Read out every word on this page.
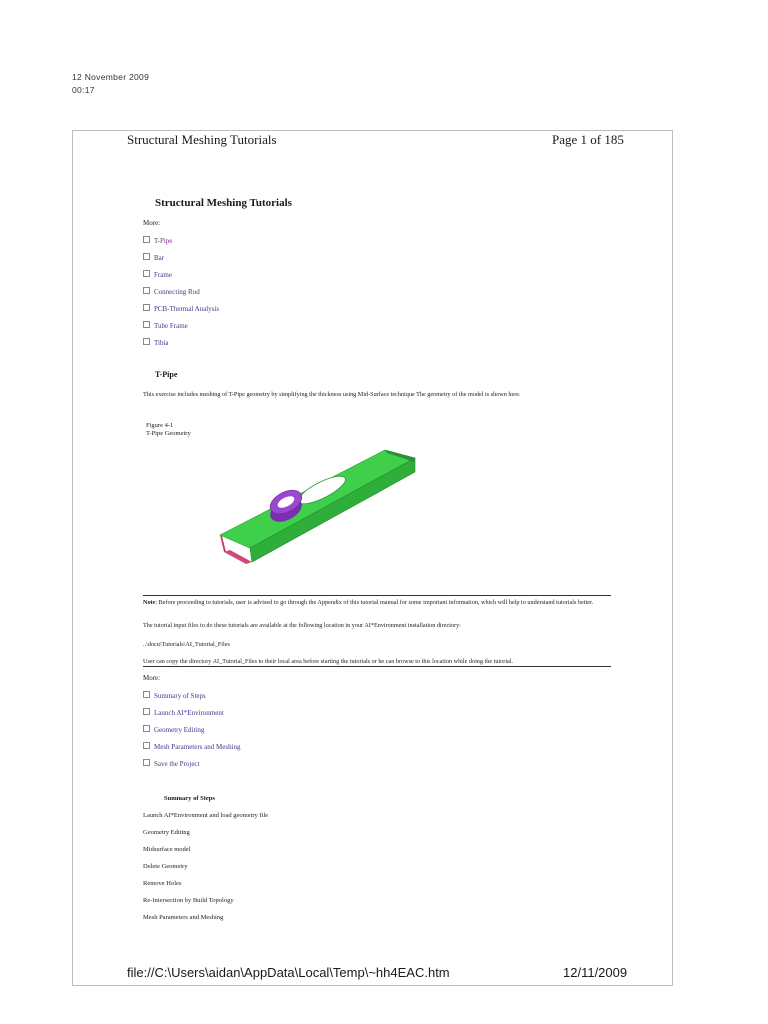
12 November 2009
00:17
Structural Meshing Tutorials	Page 1 of 185
Structural Meshing Tutorials
More:
T-Pipe
Bar
Frame
Connecting Rod
PCB-Thermal Analysis
Tube Frame
Tibia
T-Pipe
This exercise includes meshing of T-Pipe geometry by simplifying the thickness using Mid-Surface technique The geometry of the model is shown here.
Figure 4-1
T-Pipe Geometry
Note: Before proceeding to tutorials, user is advised to go through the Appendix of this tutorial manual for some important information, which will help to understand tutorials better.
The tutorial input files to do these tutorials are available at the following location in your AI*Environment installation directory:
..\docu\Tutorials\AI_Tutorial_Files
User can copy the directory AI_Tutorial_Files to their local area before starting the tutorials or he can browse to this location while doing the tutorial.
More:
Summary of Steps
Launch AI*Environment
Geometry Editing
Mesh Parameters and Meshing
Save the Project
Summary of Steps
Launch AI*Environment and load geometry file
Geometry Editing
Midsurface model
Delete Geometry
Remove Holes
Re-Intersection by Build Topology
Mesh Parameters and Meshing
file://C:\Users\aidan\AppData\Local\Temp\~hh4EAC.htm	12/11/2009
